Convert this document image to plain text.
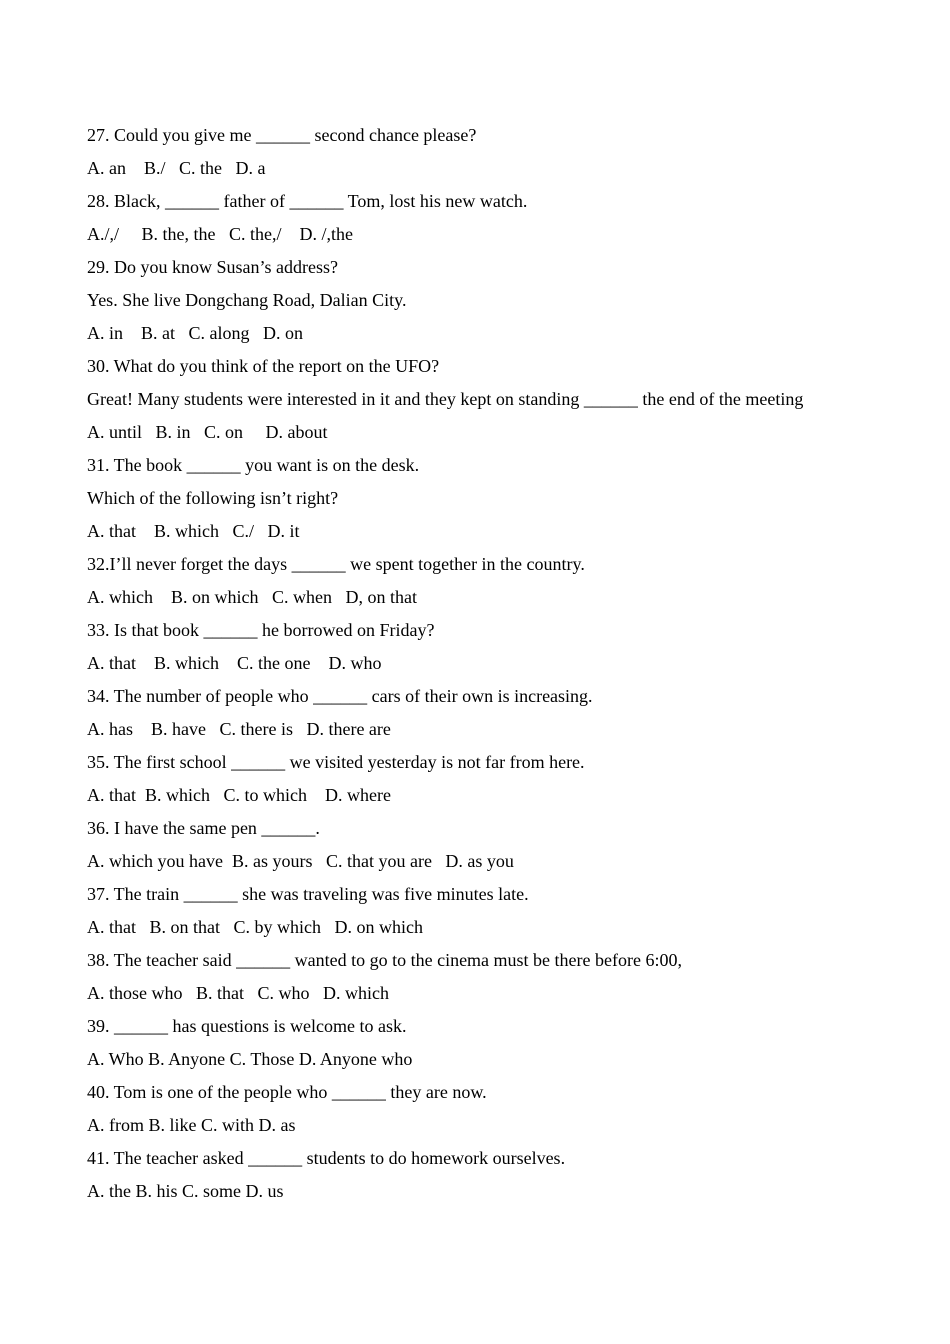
27. Could you give me ______ second chance please?

A. an    B./   C. the   D. a

28. Black, ______ father of ______ Tom, lost his new watch.

A./,/     B. the, the   C. the,/    D. /,the

29. Do you know Susan’s address?

Yes. She live Dongchang Road, Dalian City.

A. in    B. at   C. along   D. on

30. What do you think of the report on the UFO?

Great! Many students were interested in it and they kept on standing ______ the end of the meeting

A. until   B. in   C. on     D. about

31. The book ______ you want is on the desk.

Which of the following isn’t right?

A. that    B. which   C./   D. it

32.I’ll never forget the days ______ we spent together in the country.

A. which    B. on which   C. when   D, on that

33. Is that book ______ he borrowed on Friday?

A. that    B. which    C. the one    D. who

34. The number of people who ______ cars of their own is increasing.

A. has    B. have   C. there is   D. there are

35. The first school ______ we visited yesterday is not far from here.

A. that  B. which   C. to which    D. where

36. I have the same pen ______.

A. which you have  B. as yours   C. that you are   D. as you

37. The train ______ she was traveling was five minutes late.

A. that   B. on that   C. by which   D. on which

38. The teacher said ______ wanted to go to the cinema must be there before 6:00,

A. those who   B. that   C. who   D. which

39. ______ has questions is welcome to ask.

A. Who B. Anyone C. Those D. Anyone who

40. Tom is one of the people who ______ they are now.

A. from B. like C. with D. as

41. The teacher asked ______ students to do homework ourselves.

A. the B. his C. some D. us
